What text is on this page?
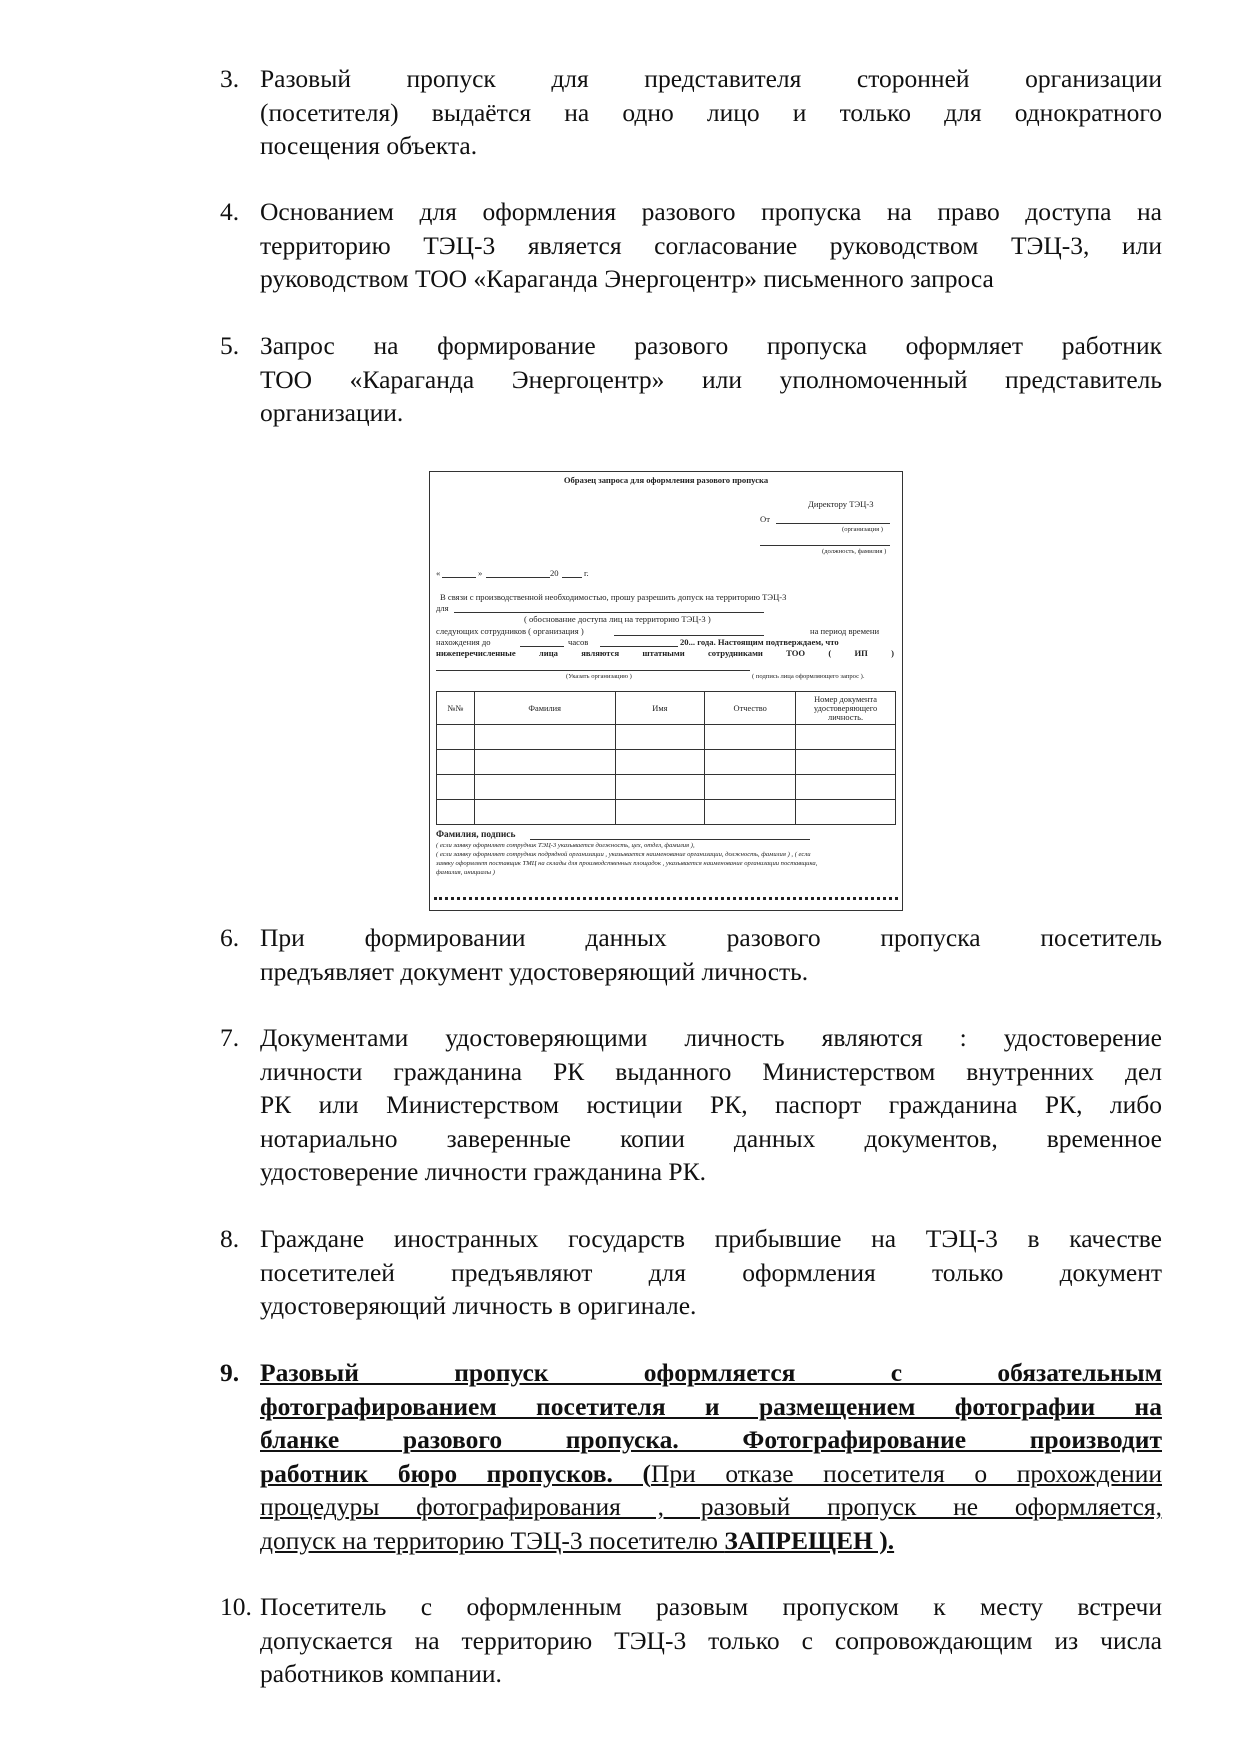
3. Разовый пропуск для представителя сторонней организации
(посетителя) выдаётся на одно лицо и только для однократного
посещения объекта.
4. Основанием для оформления разового пропуска на право доступа на
территорию ТЭЦ-3 является согласование руководством ТЭЦ-3, или
руководством ТОО «Караганда Энергоцентр» письменного запроса
5. Запрос на формирование разового пропуска оформляет работник
ТОО «Караганда Энергоцентр» или уполномоченный представитель
организации.
Образец запроса для оформления разового пропуска
Директору ТЭЦ-3
От
(организация )
(должность, фамилия )
«	»	20	г.
В связи с производственной необходимостью, прошу разрешить допуск на территорию ТЭЦ-3
для
( обоснование доступа лиц на территорию ТЭЦ-3 )
следующих сотрудников ( организация )	на период времени
нахождения до	часов	20... года. Настоящим подтверждаем, что
нижеперечисленные лица являются штатными сотрудниками ТОО ( ИП )
(Указать организацию )	( подпись лица оформляющего запрос ).
№№	Фамилия	Имя	Отчество	Номер документа удостоверяющего личность.

Фамилия, подпись
( если заявку оформляет сотрудник ТЭЦ-3 указывается должность, цех, отдел, фамилия ),
( если заявку оформляет сотрудник подрядной организации , указывается наименование организации, должность, фамилия ) , ( если
заявку оформляет поставщик ТМЦ на склады для производственных площадок , указывается наименование организации поставщика,
фамилия, инициалы )
6. При формировании данных разового пропуска посетитель
предъявляет документ удостоверяющий личность.
7. Документами удостоверяющими личность являются : удостоверение
личности гражданина РК выданного Министерством внутренних дел
РК или Министерством юстиции РК, паспорт гражданина РК, либо
нотариально заверенные копии данных документов, временное
удостоверение личности гражданина РК.
8. Граждане иностранных государств прибывшие на ТЭЦ-3 в качестве
посетителей предъявляют для оформления только документ
удостоверяющий личность в оригинале.
9. Разовый пропуск оформляется с обязательным
фотографированием посетителя и размещением фотографии на
бланке разового пропуска. Фотографирование производит
работник бюро пропусков. (При отказе посетителя о прохождении
процедуры фотографирования , разовый пропуск не оформляется,
допуск на территорию ТЭЦ-3 посетителю ЗАПРЕЩЕН ).
10. Посетитель с оформленным разовым пропуском к месту встречи
допускается на территорию ТЭЦ-3 только с сопровождающим из числа
работников компании.
